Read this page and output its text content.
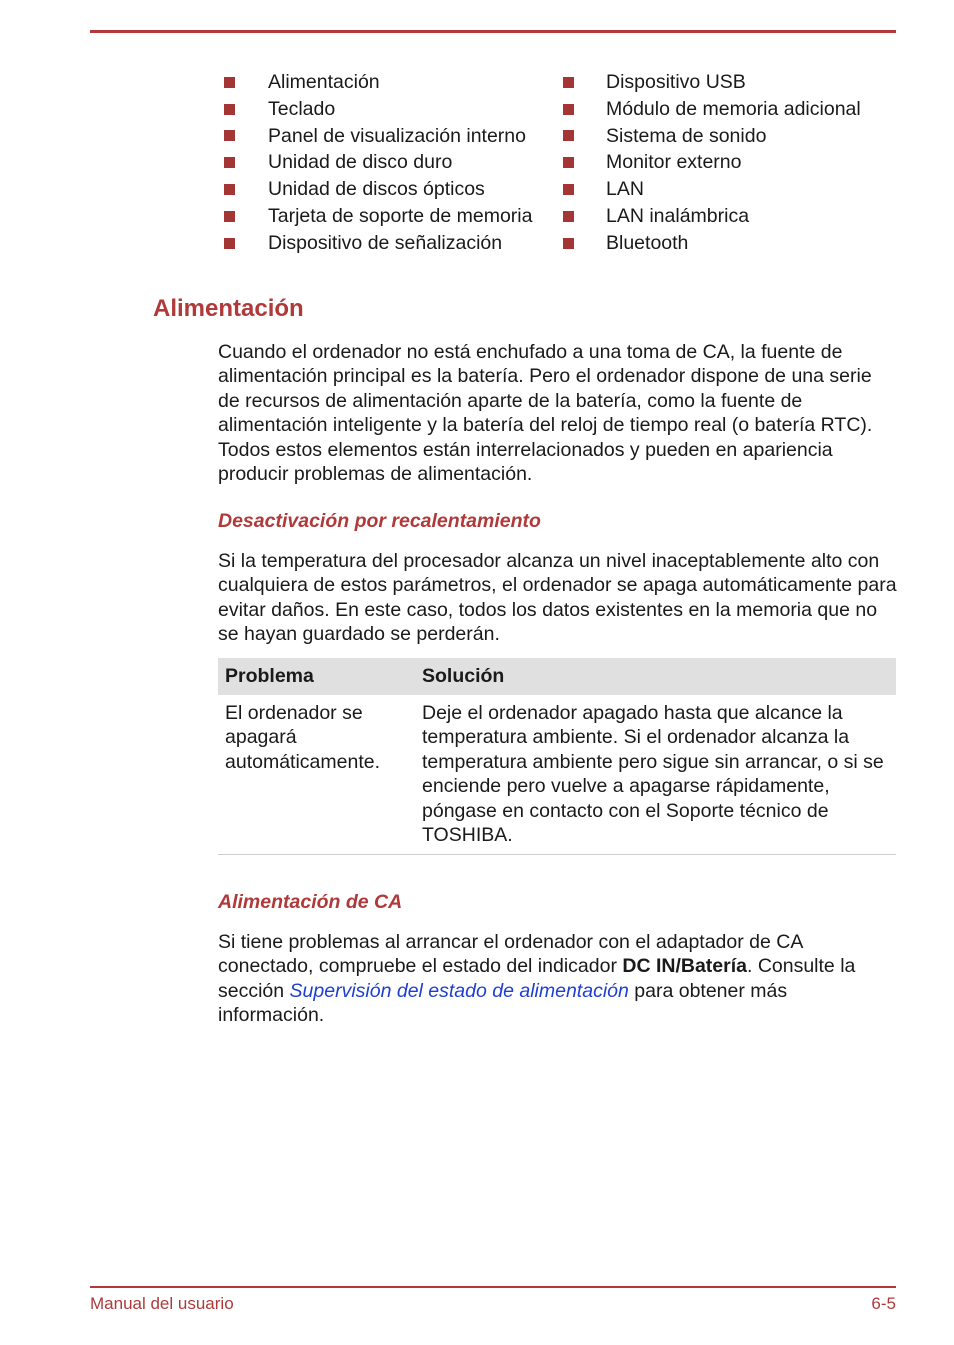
Alimentación
Teclado
Panel de visualización interno
Unidad de disco duro
Unidad de discos ópticos
Tarjeta de soporte de memoria
Dispositivo de señalización
Dispositivo USB
Módulo de memoria adicional
Sistema de sonido
Monitor externo
LAN
LAN inalámbrica
Bluetooth
Alimentación

Cuando el ordenador no está enchufado a una toma de CA, la fuente de alimentación principal es la batería. Pero el ordenador dispone de una serie de recursos de alimentación aparte de la batería, como la fuente de alimentación inteligente y la batería del reloj de tiempo real (o batería RTC). Todos estos elementos están interrelacionados y pueden en apariencia producir problemas de alimentación.

Desactivación por recalentamiento

Si la temperatura del procesador alcanza un nivel inaceptablemente alto con cualquiera de estos parámetros, el ordenador se apaga automáticamente para evitar daños. En este caso, todos los datos existentes en la memoria que no se hayan guardado se perderán.

Problema	Solución
El ordenador se apagará automáticamente.
Deje el ordenador apagado hasta que alcance la temperatura ambiente. Si el ordenador alcanza la temperatura ambiente pero sigue sin arrancar, o si se enciende pero vuelve a apagarse rápidamente, póngase en contacto con el Soporte técnico de TOSHIBA.
Alimentación de CA

Si tiene problemas al arrancar el ordenador con el adaptador de CA conectado, compruebe el estado del indicador DC IN/Batería. Consulte la sección Supervisión del estado de alimentación para obtener más información.

Manual del usuario	6-5
